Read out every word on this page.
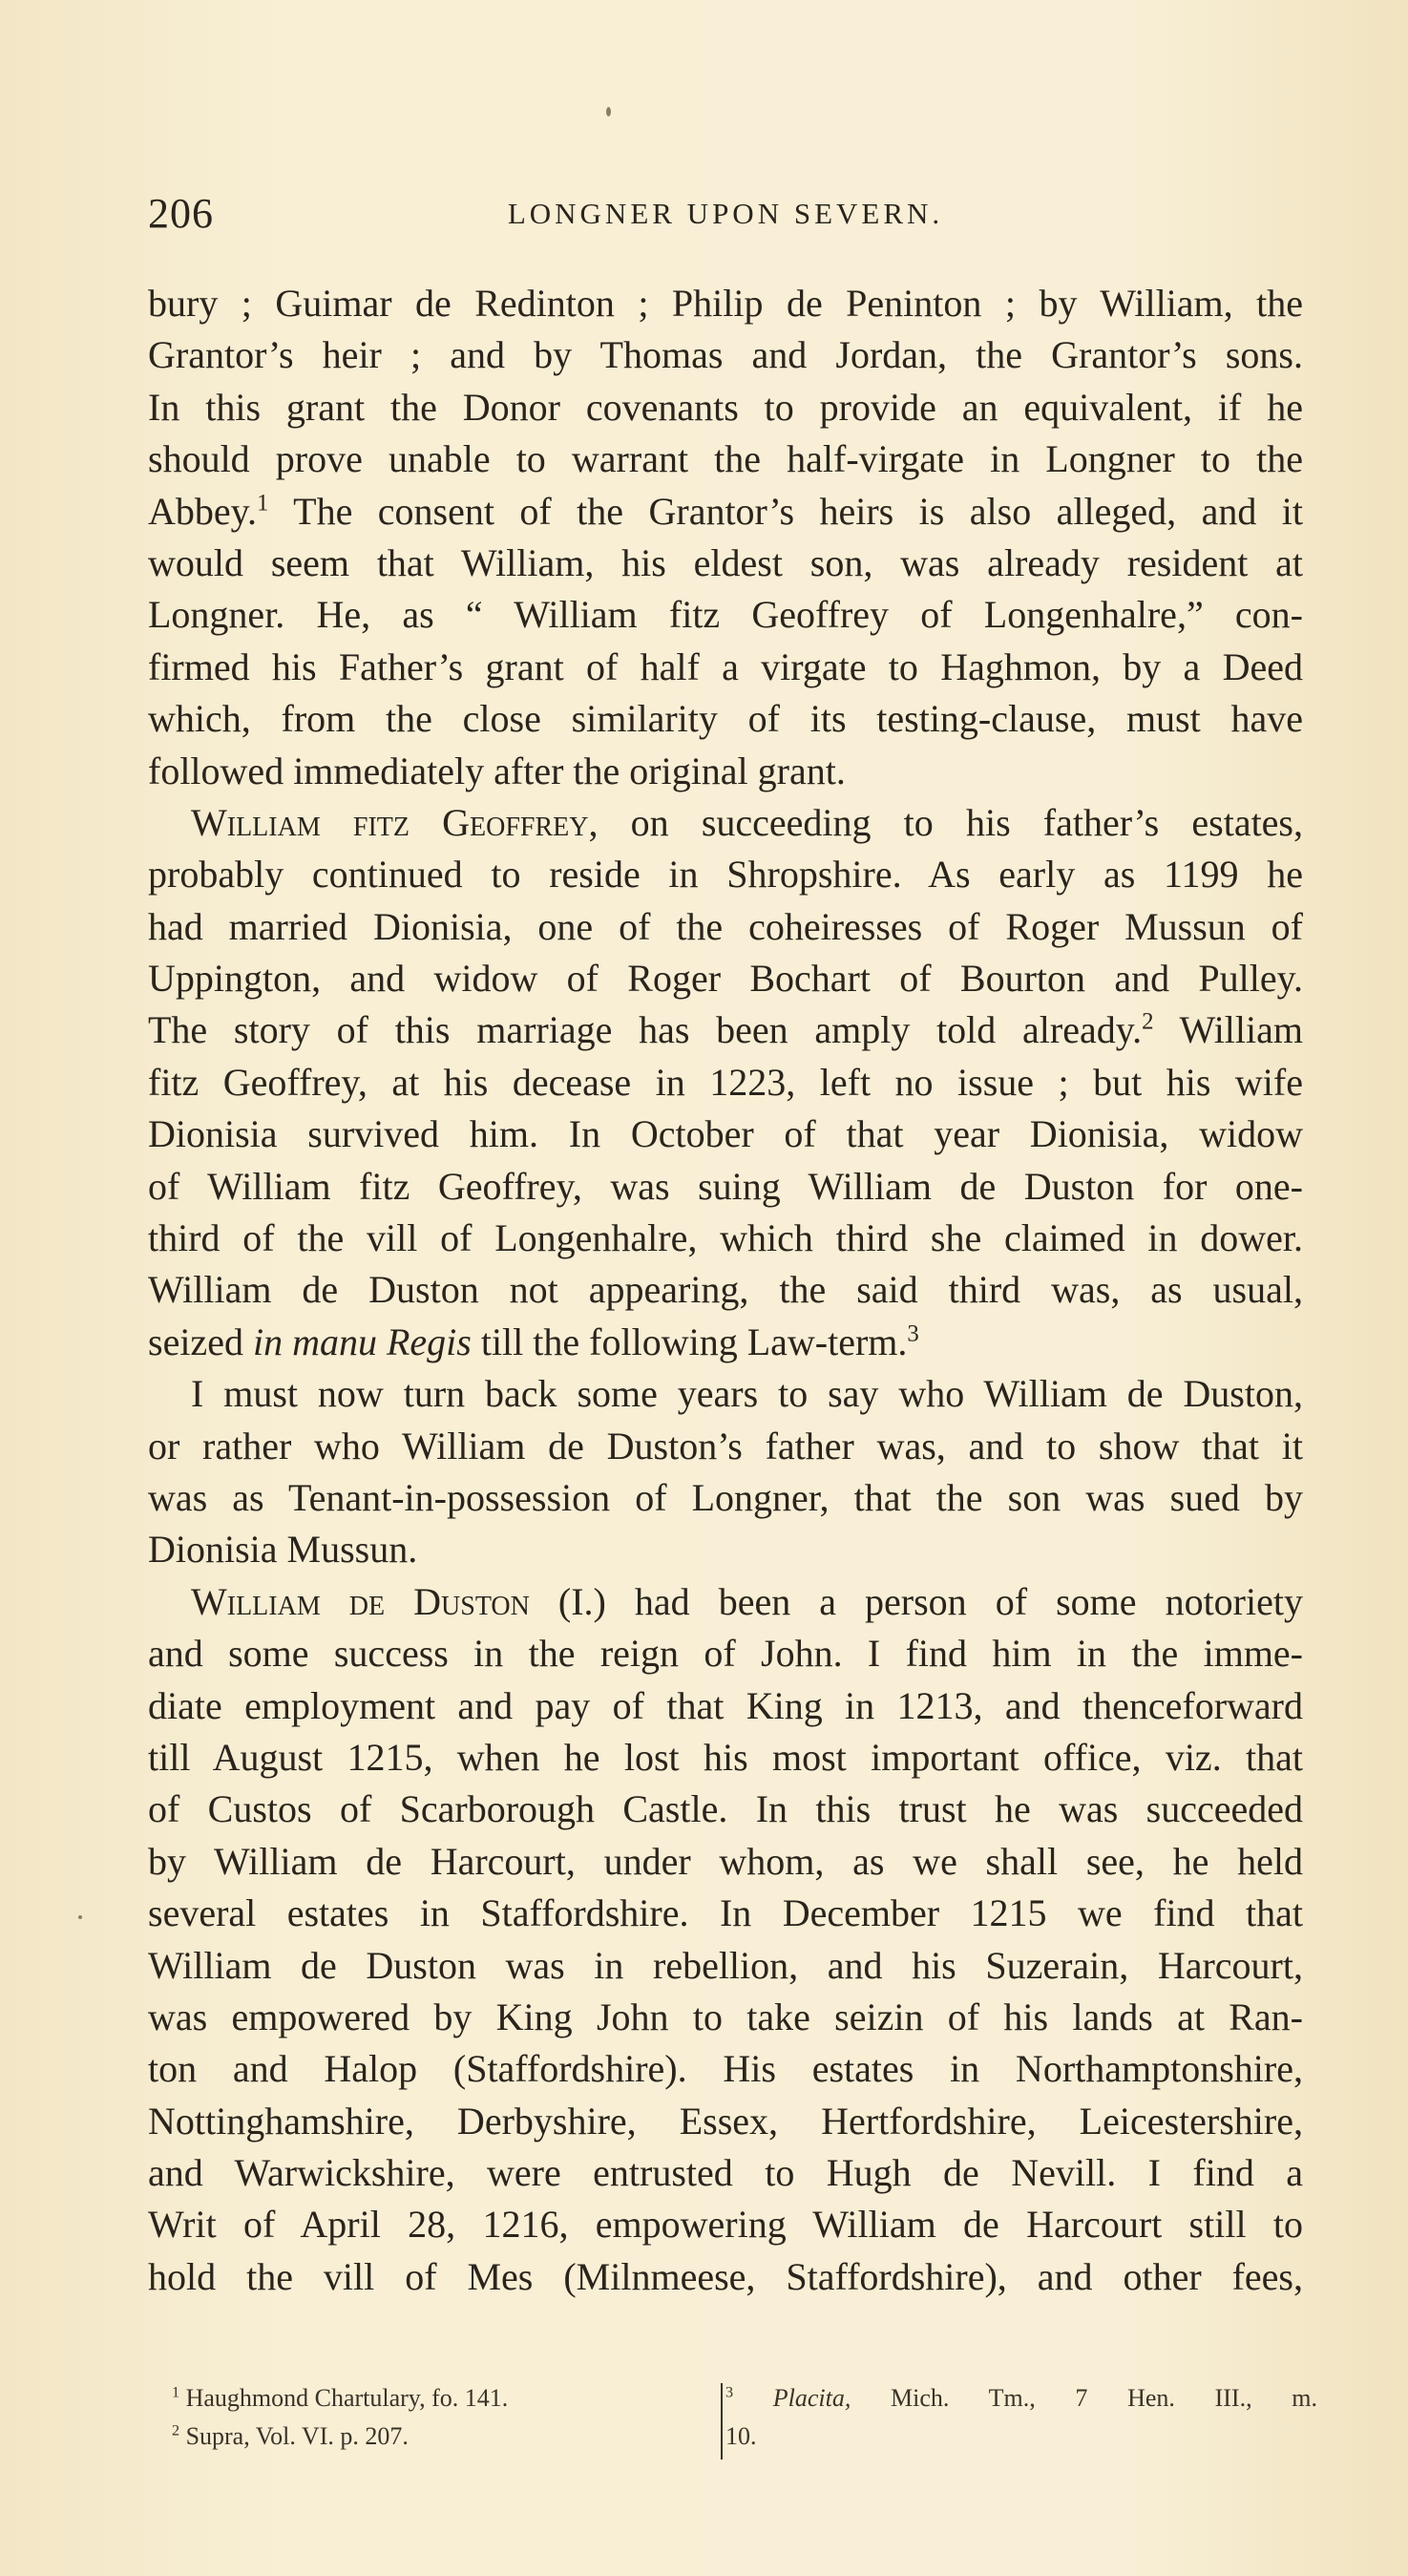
206	LONGNER UPON SEVERN.
bury ; Guimar de Redinton ; Philip de Peninton ; by William, the
Grantor’s heir ; and by Thomas and Jordan, the Grantor’s sons.
In this grant the Donor covenants to provide an equivalent, if he
should prove unable to warrant the half-virgate in Longner to the
Abbey.$^1$ The consent of the Grantor’s heirs is also alleged, and it
would seem that William, his eldest son, was already resident at
Longner. He, as “ William fitz Geoffrey of Longenhalre,” con-
firmed his Father’s grant of half a virgate to Haghmon, by a Deed
which, from the close similarity of its testing-clause, must have
followed immediately after the original grant.
William fitz Geoffrey, on succeeding to his father’s estates,
probably continued to reside in Shropshire. As early as 1199 he
had married Dionisia, one of the coheiresses of Roger Mussun of
Uppington, and widow of Roger Bochart of Bourton and Pulley.
The story of this marriage has been amply told already.$^2$ William
fitz Geoffrey, at his decease in 1223, left no issue ; but his wife
Dionisia survived him. In October of that year Dionisia, widow
of William fitz Geoffrey, was suing William de Duston for one-
third of the vill of Longenhalre, which third she claimed in dower.
William de Duston not appearing, the said third was, as usual,
seized in manu Regis till the following Law-term.$^3$
I must now turn back some years to say who William de Duston,
or rather who William de Duston’s father was, and to show that it
was as Tenant-in-possession of Longner, that the son was sued by
Dionisia Mussun.
William de Duston (I.) had been a person of some notoriety
and some success in the reign of John. I find him in the imme-
diate employment and pay of that King in 1213, and thenceforward
till August 1215, when he lost his most important office, viz. that
of Custos of Scarborough Castle. In this trust he was succeeded
by William de Harcourt, under whom, as we shall see, he held
several estates in Staffordshire. In December 1215 we find that
William de Duston was in rebellion, and his Suzerain, Harcourt,
was empowered by King John to take seizin of his lands at Ran-
ton and Halop (Staffordshire). His estates in Northamptonshire,
Nottinghamshire, Derbyshire, Essex, Hertfordshire, Leicestershire,
and Warwickshire, were entrusted to Hugh de Nevill. I find a
Writ of April 28, 1216, empowering William de Harcourt still to
hold the vill of Mes (Milnmeese, Staffordshire), and other fees,
$^1$ Haughmond Chartulary, fo. 141.
$^2$ Supra, Vol. VI. p. 207.
$^3$ Placita, Mich. Tm., 7 Hen. III., m.
10.
